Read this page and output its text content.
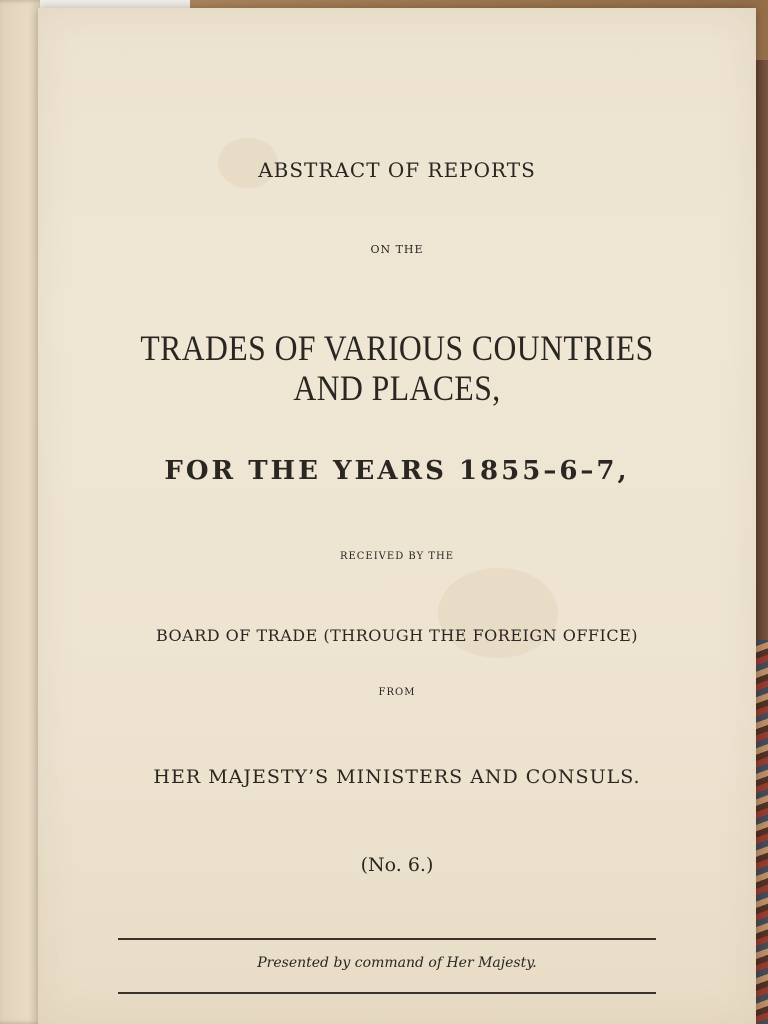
ABSTRACT OF REPORTS
ON THE
TRADES OF VARIOUS COUNTRIES
AND PLACES,
FOR THE YEARS 1855–6–7,
RECEIVED BY THE
BOARD OF TRADE (THROUGH THE FOREIGN OFFICE)
FROM
HER MAJESTY’S MINISTERS AND CONSULS.
(No. 6.)
Presented by command of Her Majesty.
